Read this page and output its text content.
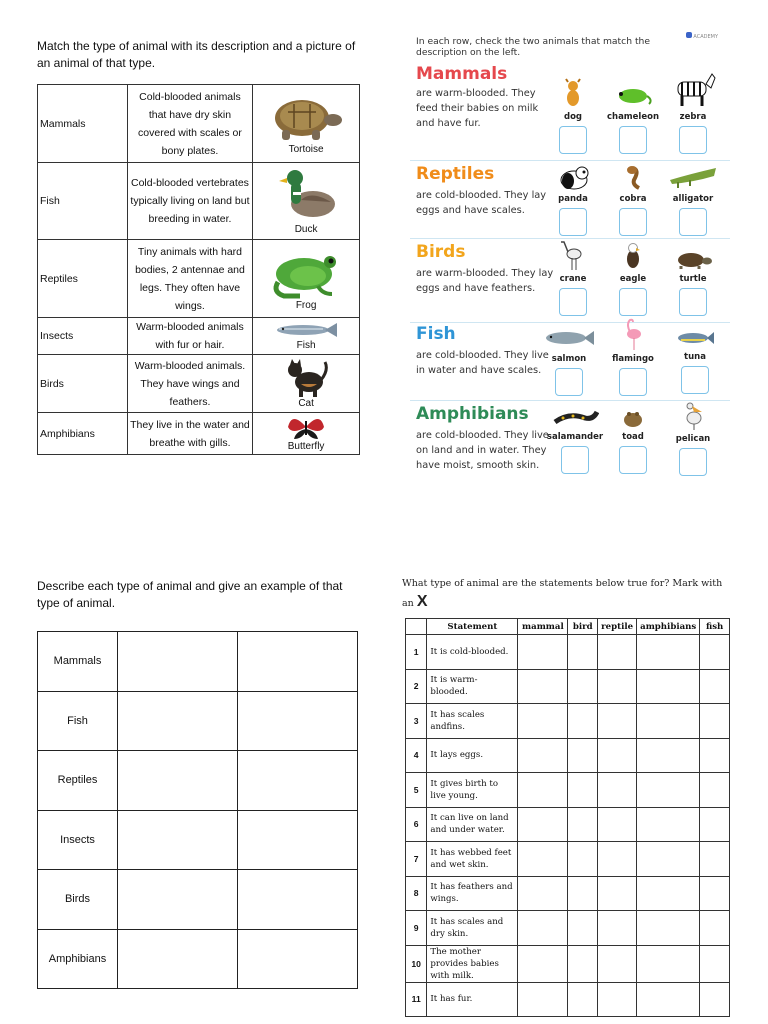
Match the type of animal with its description and a picture of an animal of that type.
Mammals	Cold-blooded animals that have dry skin covered with scales or bony plates.	Tortoise

Fish	Cold-blooded vertebrates typically living on land but breeding in water.	Duck

Reptiles	Tiny animals with hard bodies, 2 antennae and legs. They often have wings.	Frog

Insects	Warm-blooded animals with fur or hair.	Fish

Birds	Warm-blooded animals. They have wings and feathers.	Cat

Amphibians	They live in the water and breathe with gills.	Butterfly
In each row, check the two animals that match the description on the left.
ACADEMY
Mammals
are warm-blooded. They feed their babies on milk and have fur.
dog	chameleon	zebra
Reptiles
are cold-blooded. They lay eggs and have scales.
panda	cobra	alligator
Birds
are warm-blooded. They lay eggs and have feathers.
crane	eagle	turtle
Fish
are cold-blooded. They live in water and have scales.
salmon	flamingo	tuna
Amphibians
are cold-blooded. They live on land and in water. They have moist, smooth skin.
salamander	toad	pelican
Describe each type of animal and give an example of that type of animal.
Mammals		
Fish		
Reptiles		
Insects		
Birds		
Amphibians		
What type of animal are the statements below true for? Mark with an X
	Statement	mammal	bird	reptile	amphibians	fish
1	It is cold-blooded.					
2	It is warm-blooded.					
3	It has scales andfins.					
4	It lays eggs.					
5	It gives birth to live young.					
6	It can live on land and under water.					
7	It has webbed feet and wet skin.					
8	It has feathers and wings.					
9	It has scales and dry skin.					
10	The mother provides babies with milk.					
11	It has fur.					
